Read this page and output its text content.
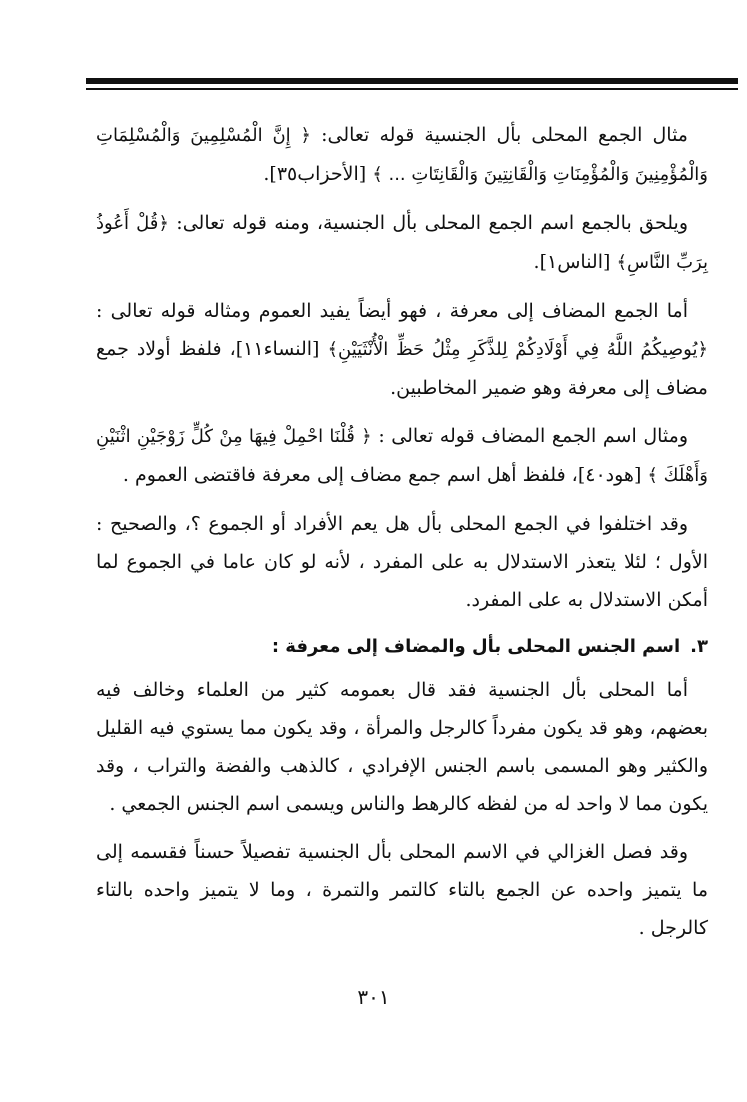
مثال الجمع المحلى بأل الجنسية قوله تعالى: ﴿ إِنَّ الْمُسْلِمِينَ وَالْمُسْلِمَاتِ وَالْمُؤْمِنِينَ وَالْمُؤْمِنَاتِ وَالْقَانِتِينَ وَالْقَانِتَاتِ ... ﴾ [الأحزاب٣٥].

ويلحق بالجمع اسم الجمع المحلى بأل الجنسية، ومنه قوله تعالى: ﴿قُلْ أَعُوذُ بِرَبِّ النَّاسِ﴾ [الناس١].

أما الجمع المضاف إلى معرفة ، فهو أيضاً يفيد العموم ومثاله قوله تعالى : ﴿يُوصِيكُمُ اللَّهُ فِي أَوْلَادِكُمْ لِلذَّكَرِ مِثْلُ حَظِّ الْأُنْثَيَيْنِ﴾ [النساء١١]، فلفظ أولاد جمع مضاف إلى معرفة وهو ضمير المخاطبين.

ومثال اسم الجمع المضاف قوله تعالى : ﴿ قُلْنَا احْمِلْ فِيهَا مِنْ كُلٍّ زَوْجَيْنِ اثْنَيْنِ وَأَهْلَكَ ﴾ [هود٤٠]، فلفظ أهل اسم جمع مضاف إلى معرفة فاقتضى العموم .

وقد اختلفوا في الجمع المحلى بأل هل يعم الأفراد أو الجموع ؟، والصحيح : الأول ؛ لئلا يتعذر الاستدلال به على المفرد ، لأنه لو كان عاما في الجموع لما أمكن الاستدلال به على المفرد.

٣.
اسم الجنس المحلى بأل والمضاف إلى معرفة :

أما المحلى بأل الجنسية فقد قال بعمومه كثير من العلماء وخالف فيه بعضهم، وهو قد يكون مفرداً كالرجل والمرأة ، وقد يكون مما يستوي فيه القليل والكثير وهو المسمى باسم الجنس الإفرادي ، كالذهب والفضة والتراب ، وقد يكون مما لا واحد له من لفظه كالرهط والناس ويسمى اسم الجنس الجمعي .

وقد فصل الغزالي في الاسم المحلى بأل الجنسية تفصيلاً حسناً فقسمه إلى ما يتميز واحده عن الجمع بالتاء كالتمر والتمرة ، وما لا يتميز واحده بالتاء كالرجل .

٣٠١
